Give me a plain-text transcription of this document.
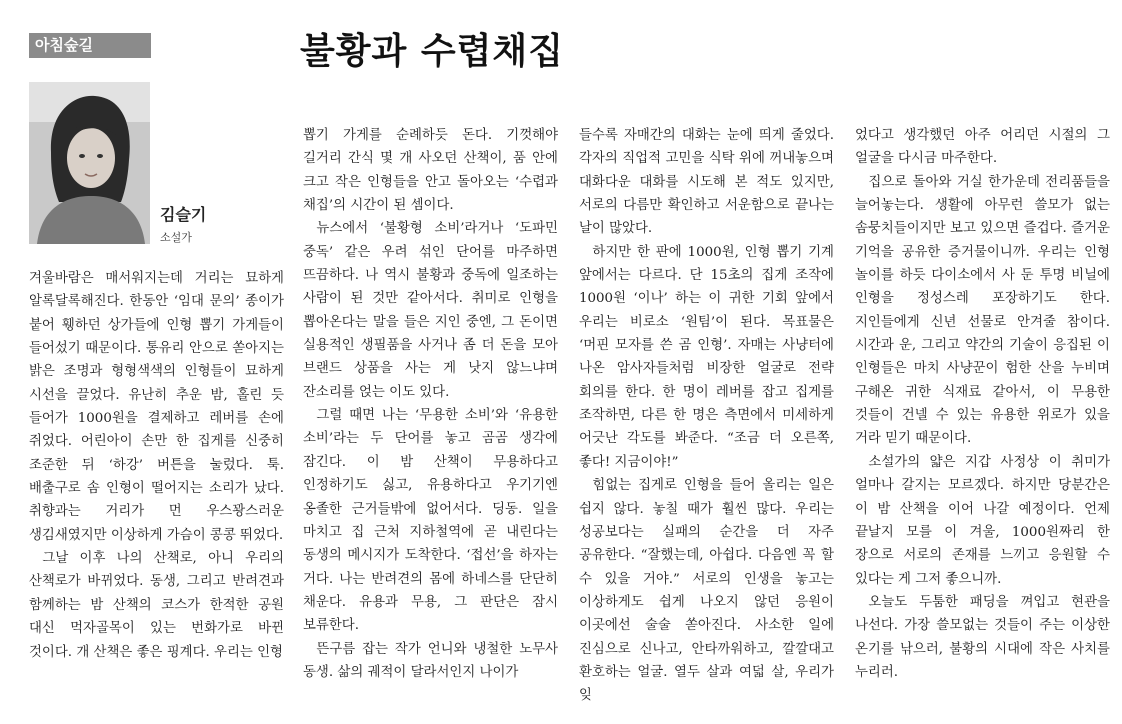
아침숲길	불황과 수렵채집
김슬기
소설가

겨울바람은 매서워지는데 거리는 묘하게 알록달록해진다. 한동안 ‘임대 문의’ 종이가 붙어 휑하던 상가들에 인형 뽑기 가게들이 들어섰기 때문이다. 통유리 안으로 쏟아지는 밝은 조명과 형형색색의 인형들이 묘하게 시선을 끌었다. 유난히 추운 밤, 홀린 듯 들어가 1000원을 결제하고 레버를 손에 쥐었다. 어린아이 손만 한 집게를 신중히 조준한 뒤 ‘하강’ 버튼을 눌렀다. 툭. 배출구로 솜 인형이 떨어지는 소리가 났다. 취향과는 거리가 먼 우스꽝스러운 생김새였지만 이상하게 가슴이 콩콩 뛰었다.

그날 이후 나의 산책로, 아니 우리의 산책로가 바뀌었다. 동생, 그리고 반려견과 함께하는 밤 산책의 코스가 한적한 공원 대신 먹자골목이 있는 번화가로 바뀐 것이다. 개 산책은 좋은 핑계다. 우리는 인형

뽑기 가게를 순례하듯 돈다. 기껏해야 길거리 간식 몇 개 사오던 산책이, 품 안에 크고 작은 인형들을 안고 돌아오는 ‘수렵과 채집’의 시간이 된 셈이다.

뉴스에서 ‘불황형 소비’라거나 ‘도파민 중독’ 같은 우려 섞인 단어를 마주하면 뜨끔하다. 나 역시 불황과 중독에 일조하는 사람이 된 것만 같아서다. 취미로 인형을 뽑아온다는 말을 들은 지인 중엔, 그 돈이면 실용적인 생필품을 사거나 좀 더 돈을 모아 브랜드 상품을 사는 게 낫지 않느냐며 잔소리를 얹는 이도 있다.

그럴 때면 나는 ‘무용한 소비’와 ‘유용한 소비’라는 두 단어를 놓고 곰곰 생각에 잠긴다. 이 밤 산책이 무용하다고 인정하기도 싫고, 유용하다고 우기기엔 옹졸한 근거들밖에 없어서다. 딩동. 일을 마치고 집 근처 지하철역에 곧 내린다는 동생의 메시지가 도착한다. ‘접선’을 하자는 거다. 나는 반려견의 몸에 하네스를 단단히 채운다. 유용과 무용, 그 판단은 잠시 보류한다.

뜬구름 잡는 작가 언니와 냉철한 노무사 동생. 삶의 궤적이 달라서인지 나이가

들수록 자매간의 대화는 눈에 띄게 줄었다. 각자의 직업적 고민을 식탁 위에 꺼내놓으며 대화다운 대화를 시도해 본 적도 있지만, 서로의 다름만 확인하고 서운함으로 끝나는 날이 많았다.

하지만 한 판에 1000원, 인형 뽑기 기계 앞에서는 다르다. 단 15초의 집게 조작에 1000원 ‘이나’ 하는 이 귀한 기회 앞에서 우리는 비로소 ‘원팀’이 된다. 목표물은 ‘머핀 모자를 쓴 곰 인형’. 자매는 사냥터에 나온 암사자들처럼 비장한 얼굴로 전략 회의를 한다. 한 명이 레버를 잡고 집게를 조작하면, 다른 한 명은 측면에서 미세하게 어긋난 각도를 봐준다. “조금 더 오른쪽, 좋다! 지금이야!”

힘없는 집게로 인형을 들어 올리는 일은 쉽지 않다. 놓칠 때가 훨씬 많다. 우리는 성공보다는 실패의 순간을 더 자주 공유한다. “잘했는데, 아쉽다. 다음엔 꼭 할 수 있을 거야.” 서로의 인생을 놓고는 이상하게도 쉽게 나오지 않던 응원이 이곳에선 술술 쏟아진다. 사소한 일에 진심으로 신나고, 안타까워하고, 깔깔대고 환호하는 얼굴. 열두 살과 여덟 살, 우리가 잊

었다고 생각했던 아주 어리던 시절의 그 얼굴을 다시금 마주한다.

집으로 돌아와 거실 한가운데 전리품들을 늘어놓는다. 생활에 아무런 쓸모가 없는 솜뭉치들이지만 보고 있으면 즐겁다. 즐거운 기억을 공유한 증거물이니까. 우리는 인형 놀이를 하듯 다이소에서 사 둔 투명 비닐에 인형을 정성스레 포장하기도 한다. 지인들에게 신년 선물로 안겨줄 참이다. 시간과 운, 그리고 약간의 기술이 응집된 이 인형들은 마치 사냥꾼이 험한 산을 누비며 구해온 귀한 식재료 같아서, 이 무용한 것들이 건넬 수 있는 유용한 위로가 있을 거라 믿기 때문이다.

소설가의 얇은 지갑 사정상 이 취미가 얼마나 갈지는 모르겠다. 하지만 당분간은 이 밤 산책을 이어 나갈 예정이다. 언제 끝날지 모를 이 겨울, 1000원짜리 한 장으로 서로의 존재를 느끼고 응원할 수 있다는 게 그저 좋으니까.

오늘도 두툼한 패딩을 껴입고 현관을 나선다. 가장 쓸모없는 것들이 주는 이상한 온기를 낚으러, 불황의 시대에 작은 사치를 누리러.
